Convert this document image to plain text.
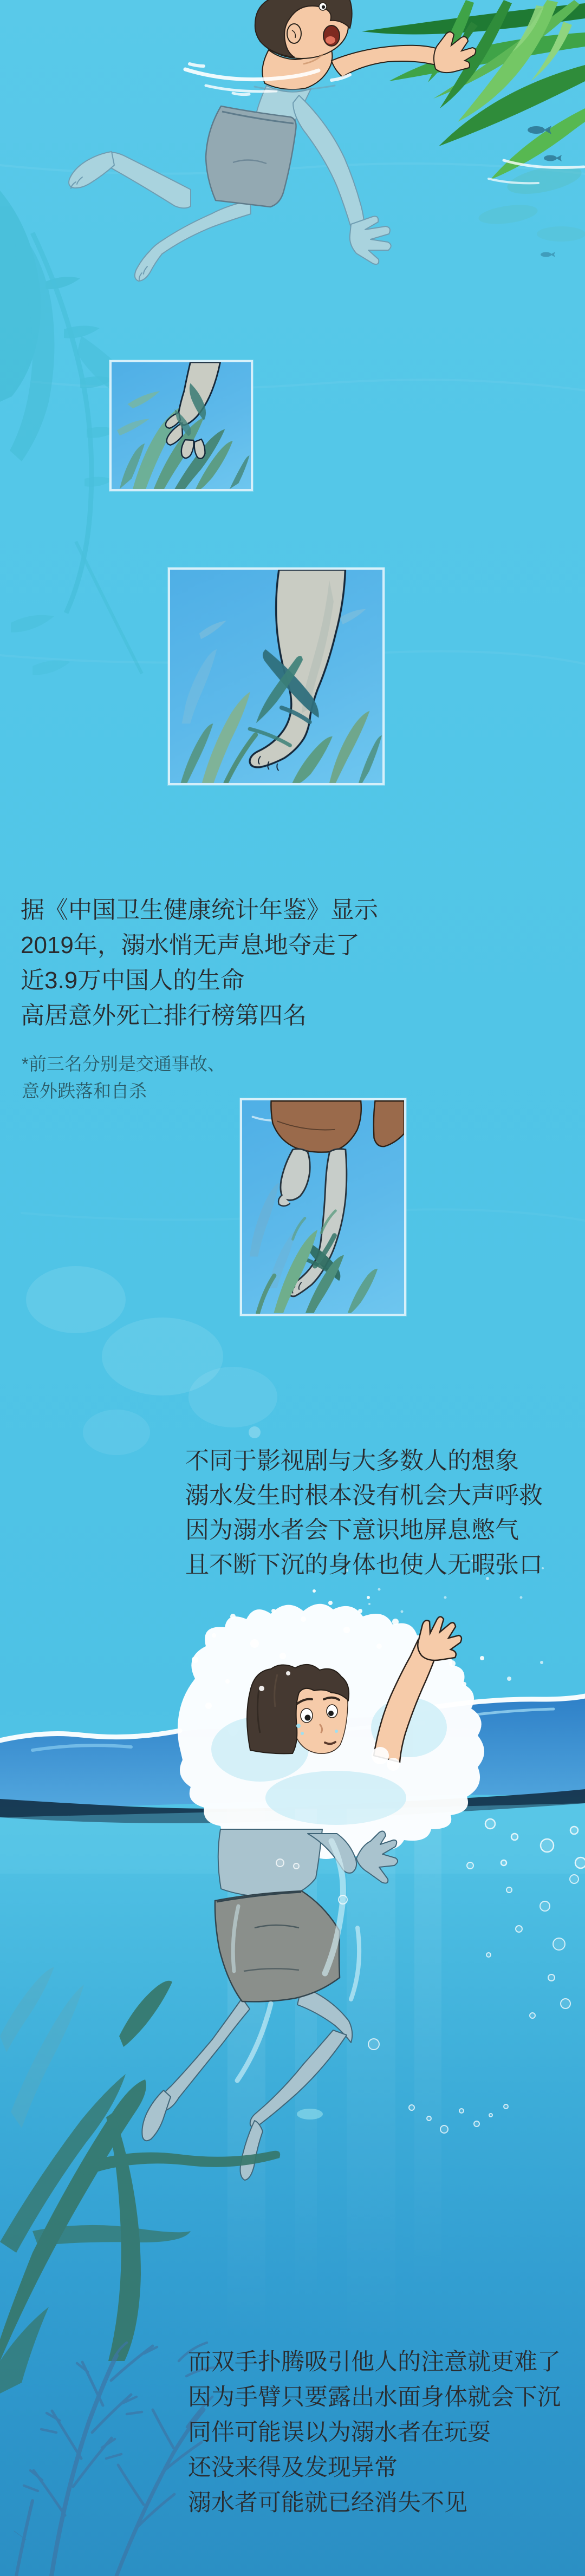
据《中国卫生健康统计年鉴》显示
2019年，溺水悄无声息地夺走了
近3.9万中国人的生命
高居意外死亡排行榜第四名
*前三名分别是交通事故、
意外跌落和自杀
不同于影视剧与大多数人的想象
溺水发生时根本没有机会大声呼救
因为溺水者会下意识地屏息憋气
且不断下沉的身体也使人无暇张口
而双手扑腾吸引他人的注意就更难了
因为手臂只要露出水面身体就会下沉
同伴可能误以为溺水者在玩耍
还没来得及发现异常
溺水者可能就已经消失不见
